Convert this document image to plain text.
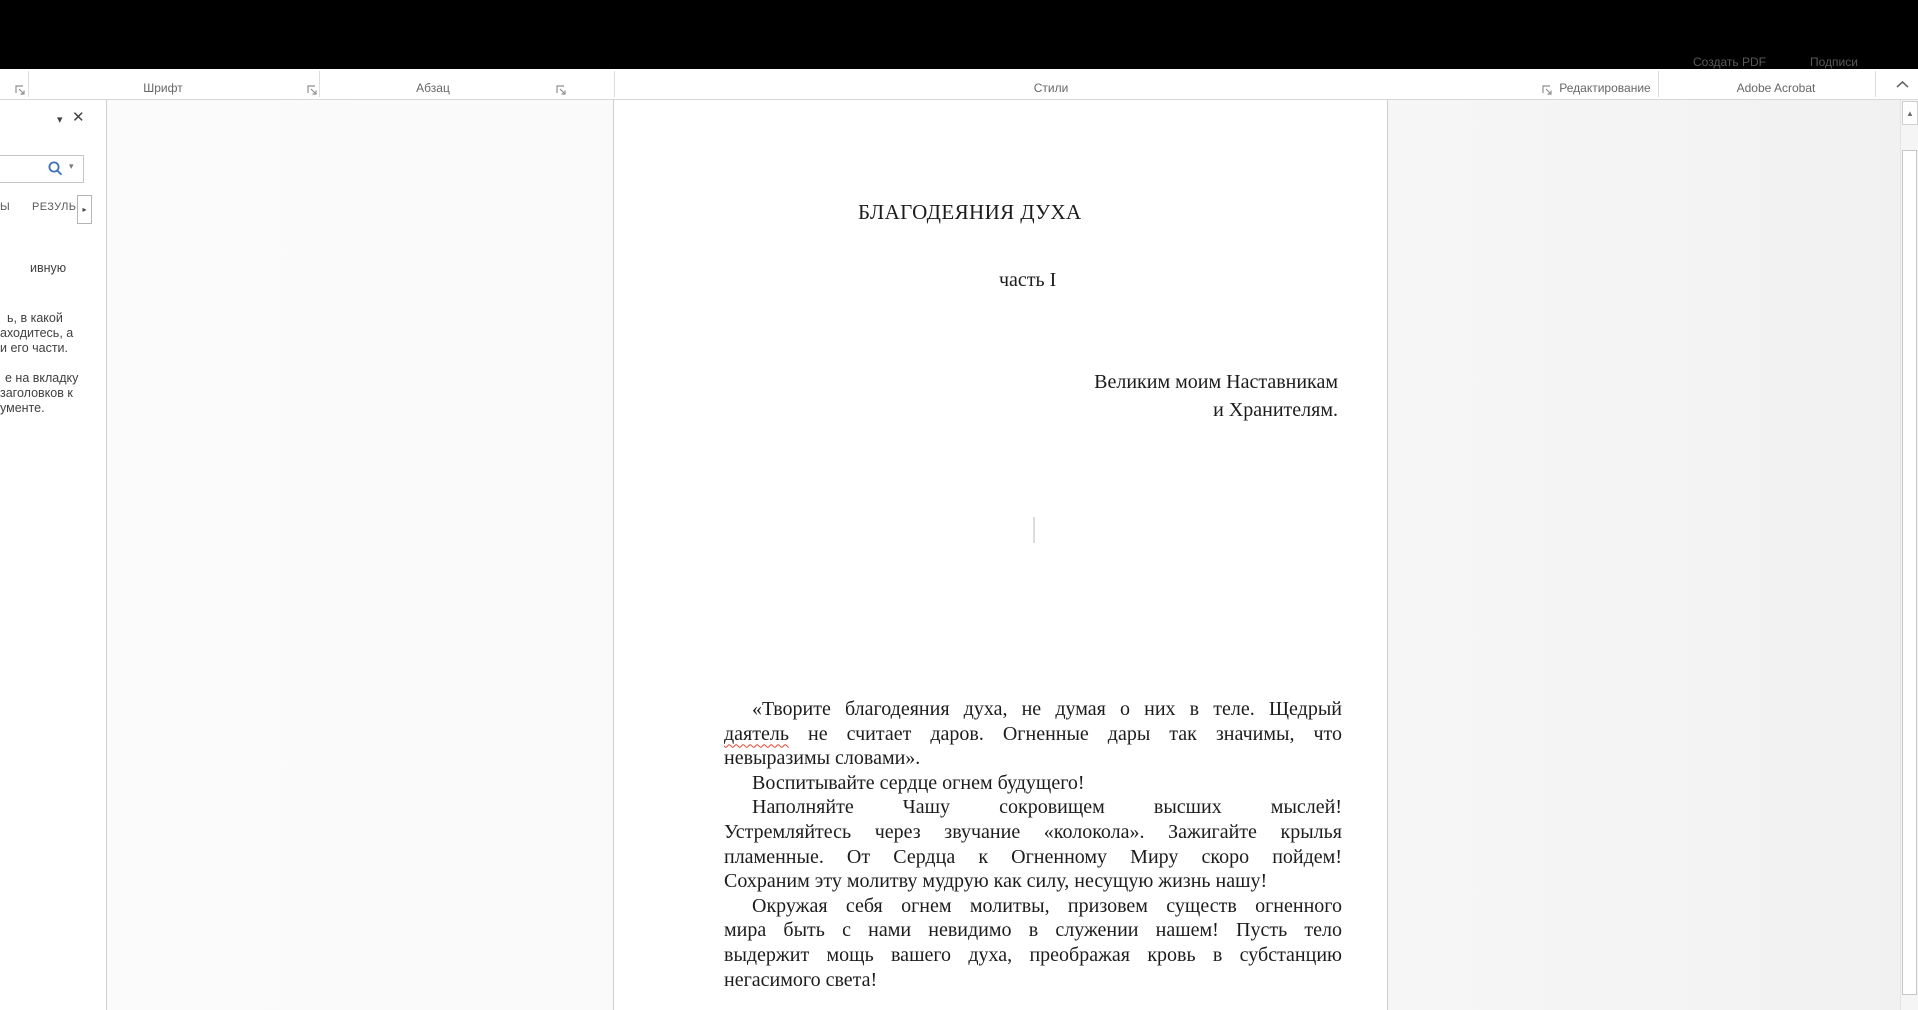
Шрифт	Абзац	Стили	Редактирование	Adobe Acrobat
Создать PDF	Подписи
▾ ✕
▾
Ы РЕЗУЛЬ ▸
ивную
ь, в какой
аходитесь, а
и его части.
е на вкладку
заголовков к
ументе.
БЛАГОДЕЯНИЯ ДУХА
часть I
Великим моим Наставникам
и Хранителям.
«Творите благодеяния духа, не думая о них в теле. Щедрый
даятель не считает даров. Огненные дары так значимы, что
невыразимы словами».
Воспитывайте сердце огнем будущего!
Наполняйте Чашу сокровищем высших мыслей!
Устремляйтесь через звучание «колокола». Зажигайте крылья
пламенные. От Сердца к Огненному Миру скоро пойдем!
Сохраним эту молитву мудрую как силу, несущую жизнь нашу!
Окружая себя огнем молитвы, призовем существ огненного
мира быть с нами невидимо в служении нашем! Пусть тело
выдержит мощь вашего духа, преображая кровь в субстанцию
негасимого света!
▲
